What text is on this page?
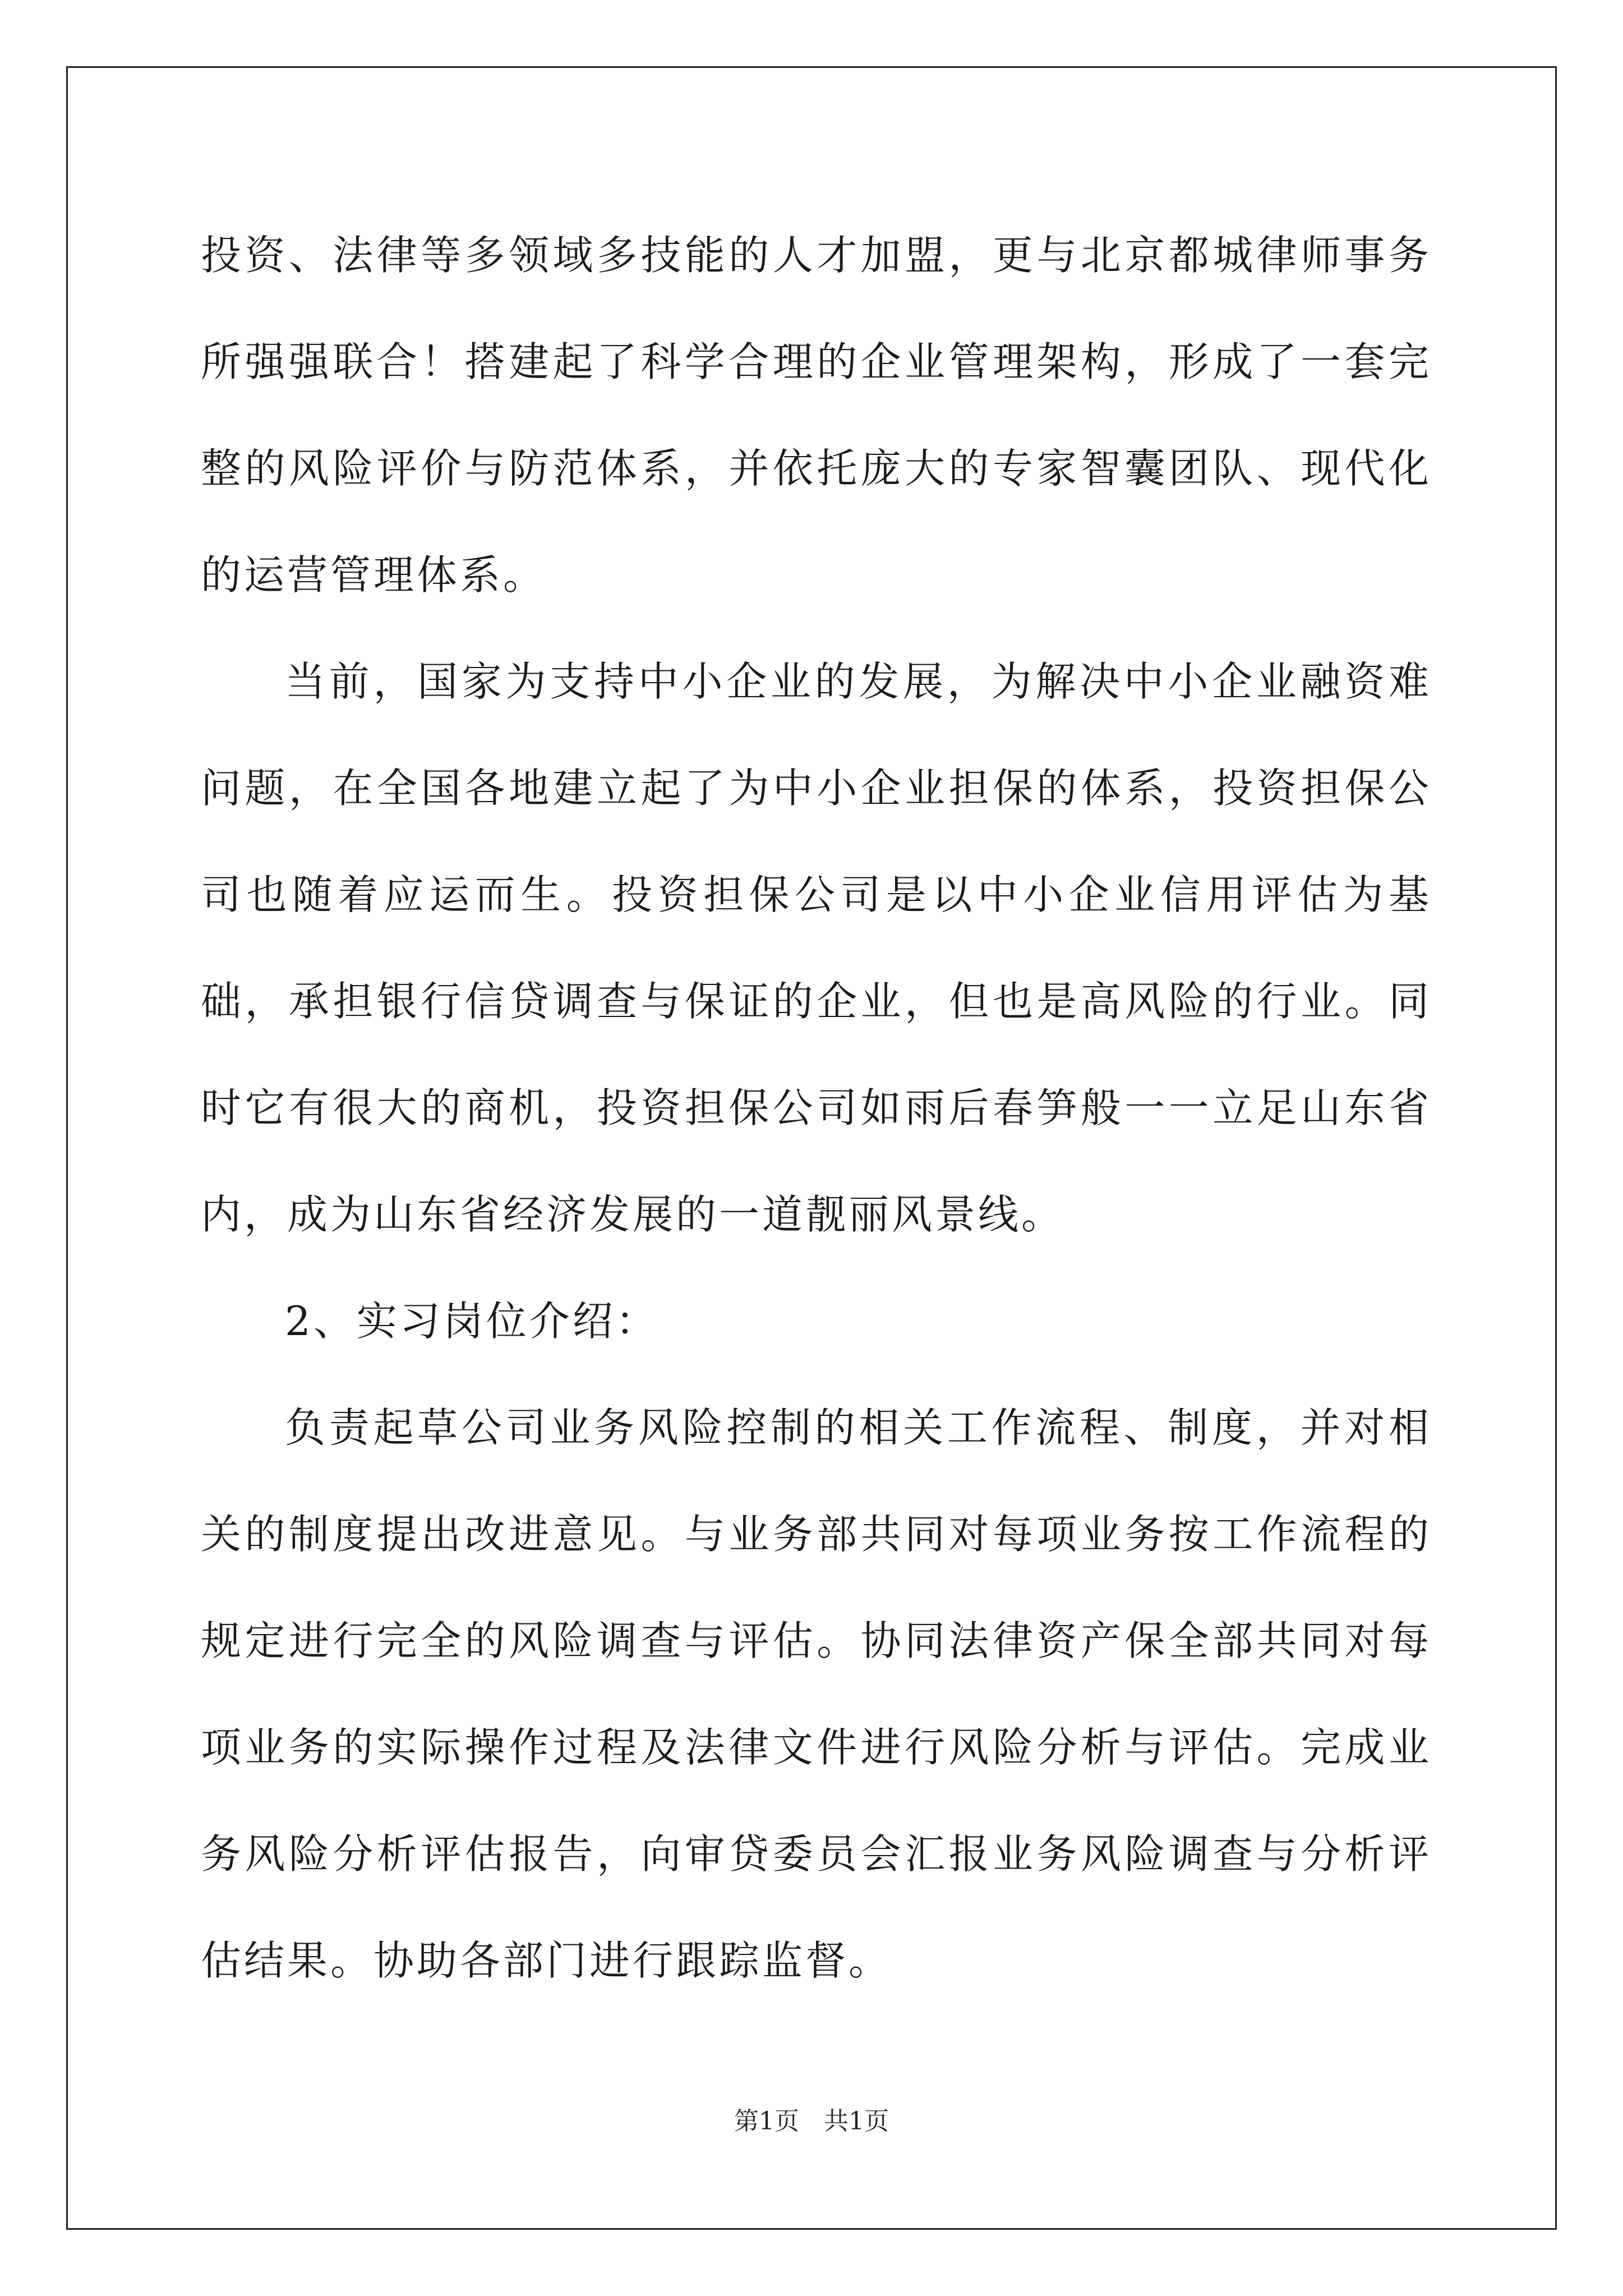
投资、法律等多领域多技能的人才加盟，更与北京都城律师事务所强强联合！搭建起了科学合理的企业管理架构，形成了一套完整的风险评价与防范体系，并依托庞大的专家智囊团队、现代化的运营管理体系。

当前，国家为支持中小企业的发展，为解决中小企业融资难问题，在全国各地建立起了为中小企业担保的体系，投资担保公司也随着应运而生。投资担保公司是以中小企业信用评估为基础，承担银行信贷调查与保证的企业，但也是高风险的行业。同时它有很大的商机，投资担保公司如雨后春笋般一一立足山东省内，成为山东省经济发展的一道靓丽风景线。

2、实习岗位介绍：

负责起草公司业务风险控制的相关工作流程、制度，并对相关的制度提出改进意见。与业务部共同对每项业务按工作流程的规定进行完全的风险调查与评估。协同法律资产保全部共同对每项业务的实际操作过程及法律文件进行风险分析与评估。完成业务风险分析评估报告，向审贷委员会汇报业务风险调查与分析评估结果。协助各部门进行跟踪监督。

第1页　共1页
